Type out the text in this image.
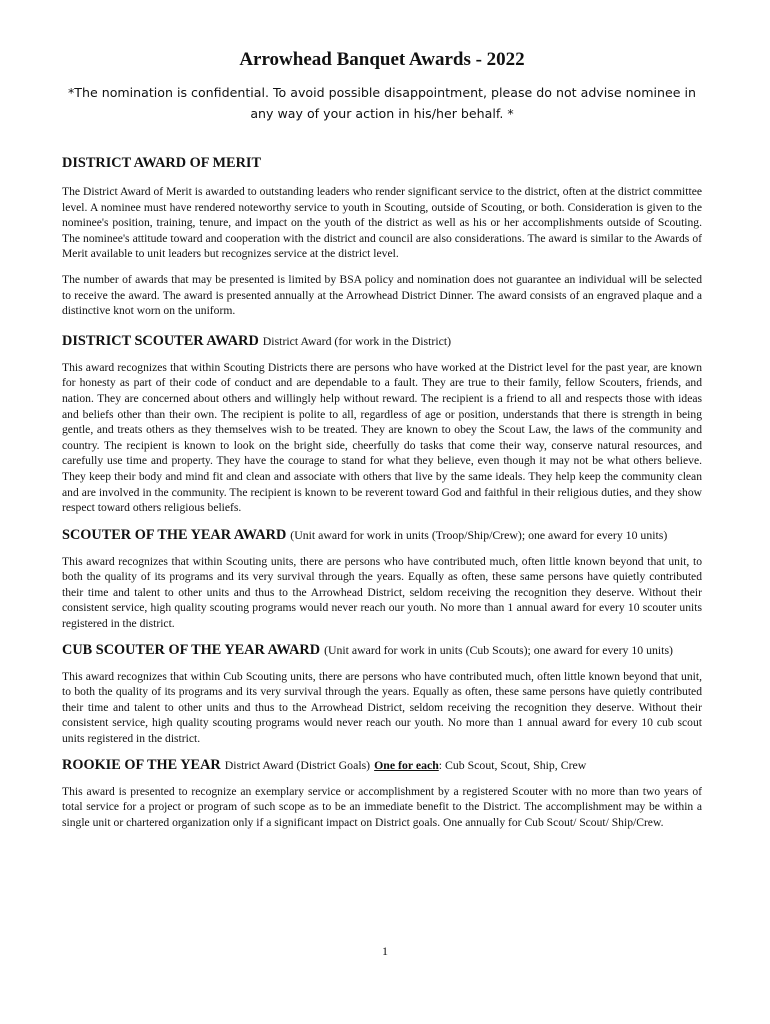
Arrowhead Banquet Awards - 2022

*The nomination is confidential. To avoid possible disappointment, please do not advise nominee in any way of your action in his/her behalf. *

DISTRICT AWARD OF MERIT

The District Award of Merit is awarded to outstanding leaders who render significant service to the district, often at the district committee level. A nominee must have rendered noteworthy service to youth in Scouting, outside of Scouting, or both. Consideration is given to the nominee's position, training, tenure, and impact on the youth of the district as well as his or her accomplishments outside of Scouting. The nominee's attitude toward and cooperation with the district and council are also considerations. The award is similar to the Awards of Merit available to unit leaders but recognizes service at the district level.

The number of awards that may be presented is limited by BSA policy and nomination does not guarantee an individual will be selected to receive the award. The award is presented annually at the Arrowhead District Dinner. The award consists of an engraved plaque and a distinctive knot worn on the uniform.

DISTRICT SCOUTER AWARD District Award (for work in the District)

This award recognizes that within Scouting Districts there are persons who have worked at the District level for the past year, are known for honesty as part of their code of conduct and are dependable to a fault. They are true to their family, fellow Scouters, friends, and nation. They are concerned about others and willingly help without reward. The recipient is a friend to all and respects those with ideas and beliefs other than their own. The recipient is polite to all, regardless of age or position, understands that there is strength in being gentle, and treats others as they themselves wish to be treated. They are known to obey the Scout Law, the laws of the community and country. The recipient is known to look on the bright side, cheerfully do tasks that come their way, conserve natural resources, and carefully use time and property. They have the courage to stand for what they believe, even though it may not be what others believe. They keep their body and mind fit and clean and associate with others that live by the same ideals. They help keep the community clean and are involved in the community. The recipient is known to be reverent toward God and faithful in their religious duties, and they show respect toward others religious beliefs.

SCOUTER OF THE YEAR AWARD (Unit award for work in units (Troop/Ship/Crew); one award for every 10 units)

This award recognizes that within Scouting units, there are persons who have contributed much, often little known beyond that unit, to both the quality of its programs and its very survival through the years. Equally as often, these same persons have quietly contributed their time and talent to other units and thus to the Arrowhead District, seldom receiving the recognition they deserve. Without their consistent service, high quality scouting programs would never reach our youth. No more than 1 annual award for every 10 scouter units registered in the district.

CUB SCOUTER OF THE YEAR AWARD (Unit award for work in units (Cub Scouts); one award for every 10 units)

This award recognizes that within Cub Scouting units, there are persons who have contributed much, often little known beyond that unit, to both the quality of its programs and its very survival through the years. Equally as often, these same persons have quietly contributed their time and talent to other units and thus to the Arrowhead District, seldom receiving the recognition they deserve. Without their consistent service, high quality scouting programs would never reach our youth. No more than 1 annual award for every 10 cub scout units registered in the district.

ROOKIE OF THE YEAR District Award (District Goals) One for each: Cub Scout, Scout, Ship, Crew

This award is presented to recognize an exemplary service or accomplishment by a registered Scouter with no more than two years of total service for a project or program of such scope as to be an immediate benefit to the District. The accomplishment may be within a single unit or chartered organization only if a significant impact on District goals. One annually for Cub Scout/ Scout/ Ship/Crew.

1
